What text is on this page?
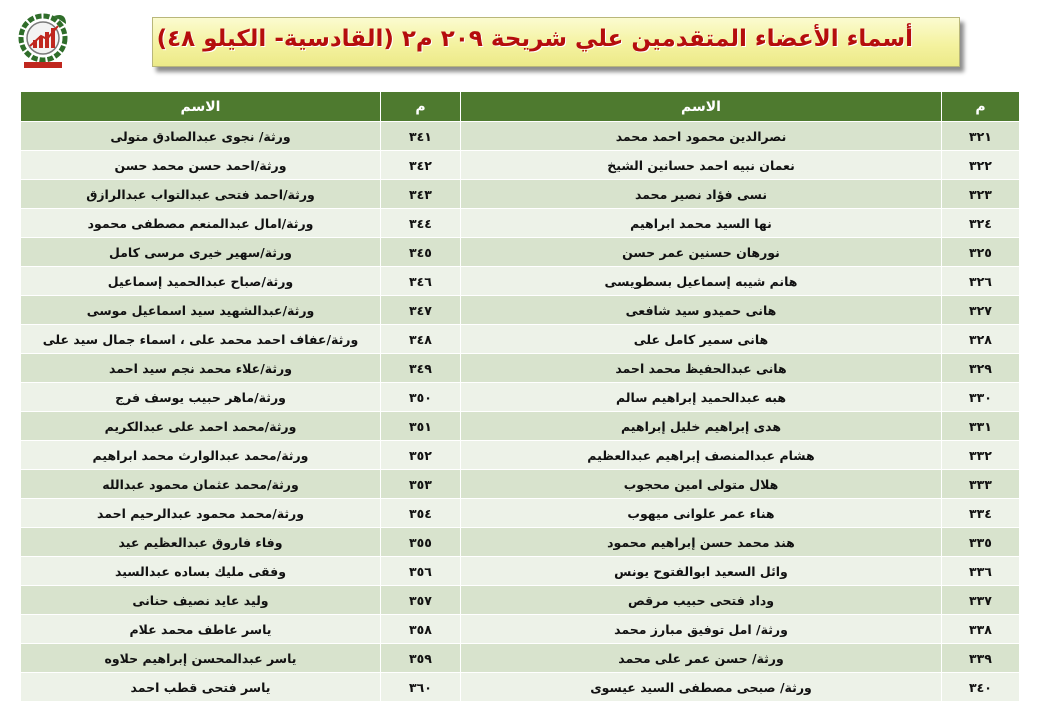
أسماء الأعضاء المتقدمين علي شريحة ٢٠٩ م٢ (القادسية- الكيلو ٤٨)
م	الاسم	م	الاسم
٣٢١	نصرالدين محمود احمد محمد	٣٤١	ورثة/ نجوى عبدالصادق متولى
٣٢٢	نعمان نبيه احمد حسانين الشيخ	٣٤٢	ورثة/احمد حسن محمد حسن
٣٢٣	نسى فؤاد نصير محمد	٣٤٣	ورثة/احمد فتحى عبدالتواب عبدالرازق
٣٢٤	نها السيد محمد ابراهيم	٣٤٤	ورثة/امال عبدالمنعم مصطفى محمود
٣٢٥	نورهان حسنين عمر حسن	٣٤٥	ورثة/سهير خيرى مرسى كامل
٣٢٦	هانم شيبه إسماعيل بسطويسى	٣٤٦	ورثة/صباح عبدالحميد إسماعيل
٣٢٧	هانى حميدو سيد شافعى	٣٤٧	ورثة/عبدالشهيد سيد اسماعيل موسى
٣٢٨	هانى سمير كامل على	٣٤٨	ورثة/عفاف احمد محمد على ، اسماء جمال سيد على
٣٢٩	هانى عبدالحفيظ محمد احمد	٣٤٩	ورثة/علاء محمد نجم سيد احمد
٣٣٠	هبه عبدالحميد إبراهيم سالم	٣٥٠	ورثة/ماهر حبيب يوسف فرج
٣٣١	هدى إبراهيم خليل إبراهيم	٣٥١	ورثة/محمد احمد على عبدالكريم
٣٣٢	هشام عبدالمنصف إبراهيم عبدالعظيم	٣٥٢	ورثة/محمد عبدالوارث محمد ابراهيم
٣٣٣	هلال متولى امين محجوب	٣٥٣	ورثة/محمد عثمان محمود عبدالله
٣٣٤	هناء عمر علوانى ميهوب	٣٥٤	ورثة/محمد محمود عبدالرحيم احمد
٣٣٥	هند محمد حسن إبراهيم محمود	٣٥٥	وفاء فاروق عبدالعظيم عيد
٣٣٦	وائل السعيد ابوالفتوح يونس	٣٥٦	وفقى مليك بساده عبدالسيد
٣٣٧	وداد فتحى حبيب مرقص	٣٥٧	وليد عايد نصيف حنانى
٣٣٨	ورثة/ امل توفيق مبارز محمد	٣٥٨	ياسر عاطف محمد علام
٣٣٩	ورثة/ حسن عمر على محمد	٣٥٩	ياسر عبدالمحسن إبراهيم حلاوه
٣٤٠	ورثة/ صبحى مصطفى السيد عيسوى	٣٦٠	ياسر فتحى قطب احمد
